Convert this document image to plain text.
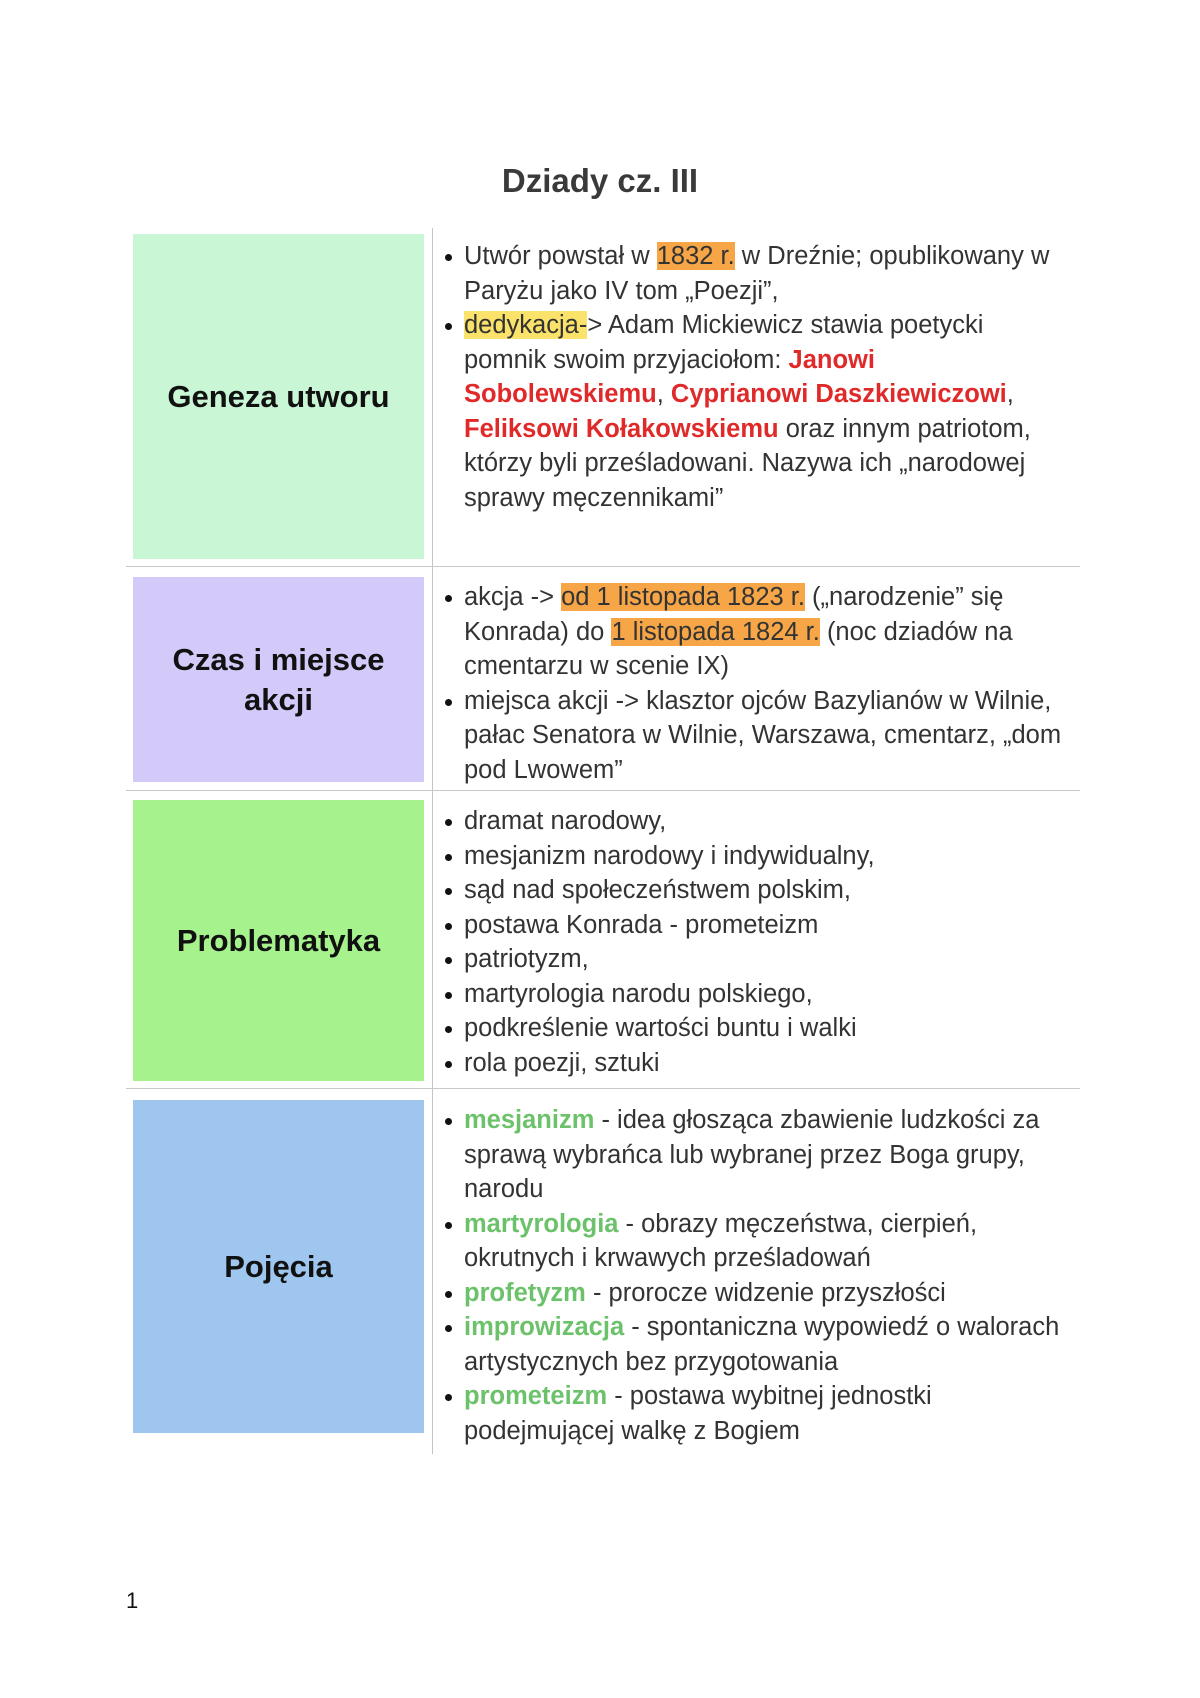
Dziady cz. III
Geneza utworu
Utwór powstał w 1832 r. w Dreźnie; opublikowany w Paryżu jako IV tom „Poezji”,
dedykacja-> Adam Mickiewicz stawia poetycki pomnik swoim przyjaciołom: Janowi Sobolewskiemu, Cyprianowi Daszkiewiczowi, Feliksowi Kołakowskiemu oraz innym patriotom, którzy byli prześladowani. Nazywa ich „narodowej sprawy męczennikami”
Czas i miejsce akcji
akcja -> od 1 listopada 1823 r. („narodzenie” się Konrada) do 1 listopada 1824 r. (noc dziadów na cmentarzu w scenie IX)
miejsca akcji -> klasztor ojców Bazylianów w Wilnie, pałac Senatora w Wilnie, Warszawa, cmentarz, „dom pod Lwowem”
Problematyka
dramat narodowy,
mesjanizm narodowy i indywidualny,
sąd nad społeczeństwem polskim,
postawa Konrada - prometeizm
patriotyzm,
martyrologia narodu polskiego,
podkreślenie wartości buntu i walki
rola poezji, sztuki
Pojęcia
mesjanizm - idea głosząca zbawienie ludzkości za sprawą wybrańca lub wybranej przez Boga grupy, narodu
martyrologia - obrazy męczeństwa, cierpień, okrutnych i krwawych prześladowań
profetyzm - prorocze widzenie przyszłości
improwizacja - spontaniczna wypowiedź o walorach artystycznych bez przygotowania
prometeizm - postawa wybitnej jednostki podejmującej walkę z Bogiem
1
